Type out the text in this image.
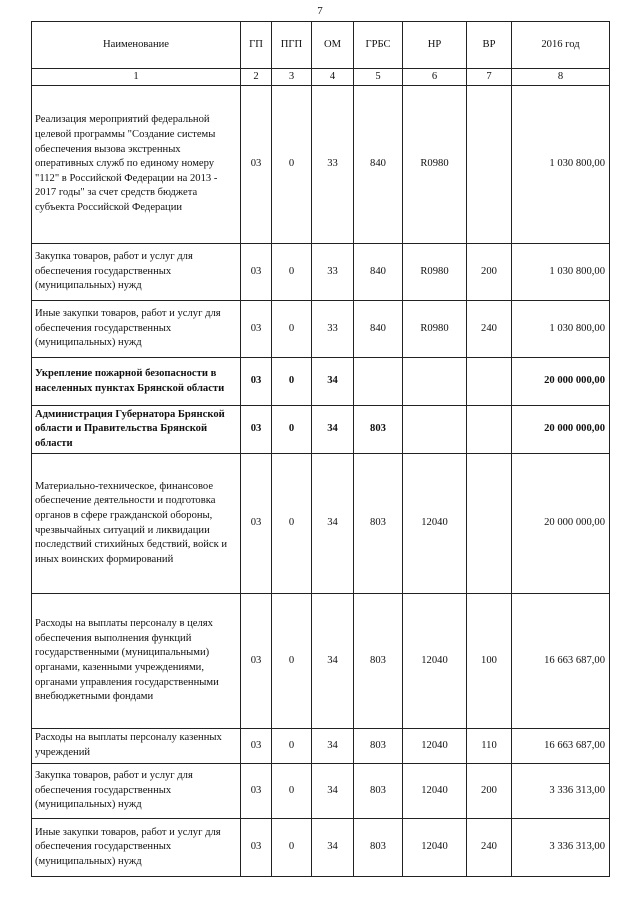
7
Наименование	ГП	ПГП	ОМ	ГРБС	НР	ВР	2016 год
1	2	3	4	5	6	7	8
Реализация мероприятий федеральной целевой программы "Создание системы обеспечения вызова экстренных оперативных служб по единому номеру "112" в Российской Федерации на 2013 - 2017 годы" за счет средств бюджета субъекта Российской Федерации	03	0	33	840	R0980		1 030 800,00
Закупка товаров, работ и услуг для обеспечения государственных (муниципальных) нужд	03	0	33	840	R0980	200	1 030 800,00
Иные закупки товаров, работ и услуг для обеспечения государственных (муниципальных) нужд	03	0	33	840	R0980	240	1 030 800,00
Укрепление пожарной безопасности в населенных пунктах Брянской области	03	0	34				20 000 000,00
Администрация Губернатора Брянской области и Правительства Брянской области	03	0	34	803			20 000 000,00
Материально-техническое, финансовое обеспечение деятельности и подготовка органов в сфере гражданской обороны, чрезвычайных ситуаций и ликвидации последствий стихийных бедствий, войск и иных воинских формирований	03	0	34	803	12040		20 000 000,00
Расходы на выплаты персоналу в целях обеспечения выполнения функций государственными (муниципальными) органами, казенными учреждениями, органами управления государственными внебюджетными фондами	03	0	34	803	12040	100	16 663 687,00
Расходы на выплаты персоналу казенных учреждений	03	0	34	803	12040	110	16 663 687,00
Закупка товаров, работ и услуг для обеспечения государственных (муниципальных) нужд	03	0	34	803	12040	200	3 336 313,00
Иные закупки товаров, работ и услуг для обеспечения государственных (муниципальных) нужд	03	0	34	803	12040	240	3 336 313,00
